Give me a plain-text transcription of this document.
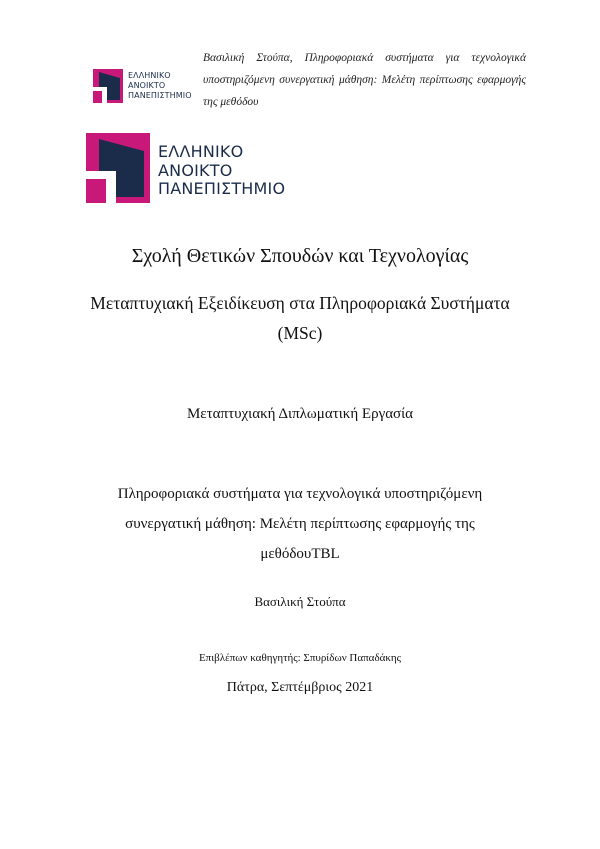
ΕΛΛΗΝΙΚΟ
ΑΝΟΙΚΤΟ
ΠΑΝΕΠΙΣΤΗΜΙΟ
Βασιλική Στούπα, Πληροφοριακά συστήματα για τεχνολογικά υποστηριζόμενη συνεργατική μάθηση: Μελέτη περίπτωσης εφαρμογής της μεθόδου
ΕΛΛΗΝΙΚΟ
ΑΝΟΙΚΤΟ
ΠΑΝΕΠΙΣΤΗΜΙΟ
Σχολή Θετικών Σπουδών και Τεχνολογίας
Μεταπτυχιακή Εξειδίκευση στα Πληροφοριακά Συστήματα
(MSc)
Μεταπτυχιακή Διπλωματική Εργασία
Πληροφοριακά συστήματα για τεχνολογικά υποστηριζόμενη
συνεργατική μάθηση: Μελέτη περίπτωσης εφαρμογής της
μεθόδουTBL
Βασιλική Στούπα
Επιβλέπων καθηγητής: Σπυρίδων Παπαδάκης
Πάτρα, Σεπτέμβριος 2021
